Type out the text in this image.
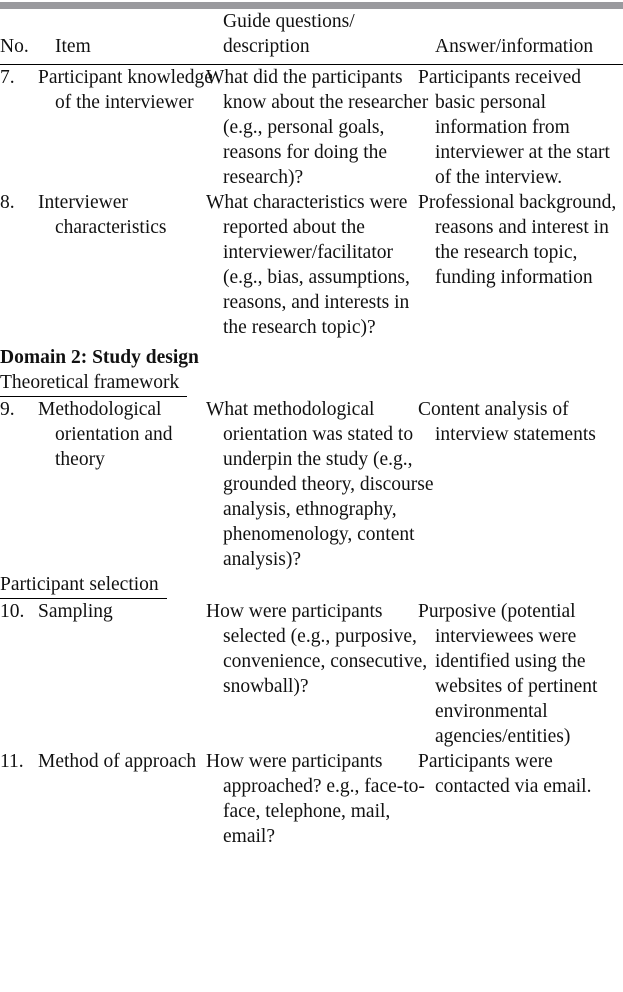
No.	Item	Guide questions/
description	Answer/information

7.	Participant knowledge of the interviewer	What did the participants know about the researcher (e.g., personal goals, reasons for doing the research)?	Participants received basic personal information from interviewer at the start of the interview.
8.	Interviewer characteristics	What characteristics were reported about the interviewer/facilitator (e.g., bias, assumptions, reasons, and interests in the research topic)?	Professional background, reasons and interest in the research topic, funding information
Domain 2: Study design			
Theoretical framework			
9.	Methodological orientation and theory	What methodological orientation was stated to underpin the study (e.g., grounded theory, discourse analysis, ethnography, phenomenology, content analysis)?	Content analysis of interview statements
Participant selection			
10.	Sampling	How were participants selected (e.g., purposive, convenience, consecutive, snowball)?	Purposive (potential interviewees were identified using the websites of pertinent environmental agencies/entities)
11.	Method of approach	How were participants approached? e.g., face-to-face, telephone, mail, email?	Participants were contacted via email.
